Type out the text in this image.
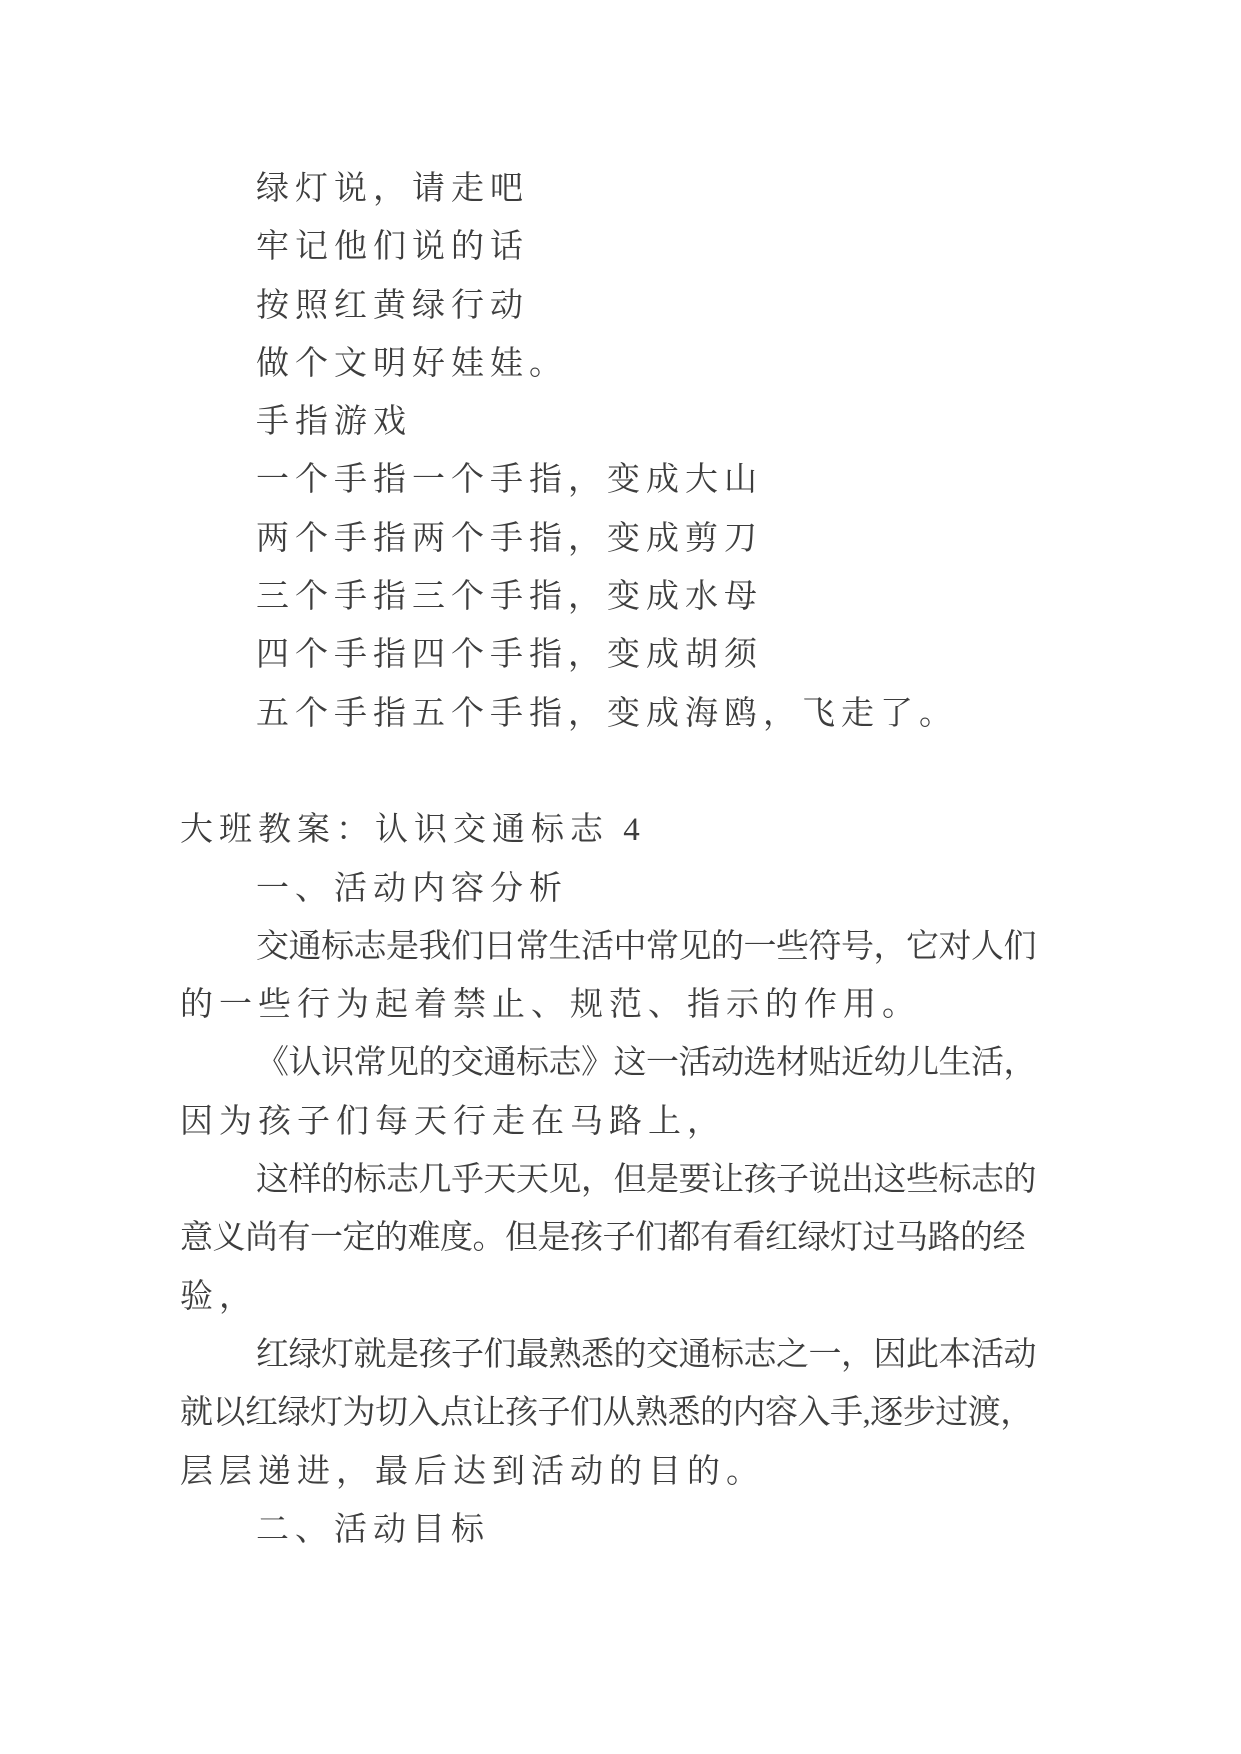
绿灯说，请走吧
牢记他们说的话
按照红黄绿行动
做个文明好娃娃。
手指游戏
一个手指一个手指，变成大山
两个手指两个手指，变成剪刀
三个手指三个手指，变成水母
四个手指四个手指，变成胡须
五个手指五个手指，变成海鸥，飞走了。
大班教案：认识交通标志 4
一、活动内容分析
交通标志是我们日常生活中常见的一些符号，它对人们
的一些行为起着禁止、规范、指示的作用。
《认识常见的交通标志》这一活动选材贴近幼儿生活，
因为孩子们每天行走在马路上，
这样的标志几乎天天见，但是要让孩子说出这些标志的
意义尚有一定的难度。但是孩子们都有看红绿灯过马路的经
验，
红绿灯就是孩子们最熟悉的交通标志之一，因此本活动
就以红绿灯为切入点让孩子们从熟悉的内容入手,逐步过渡，
层层递进，最后达到活动的目的。
二、活动目标
